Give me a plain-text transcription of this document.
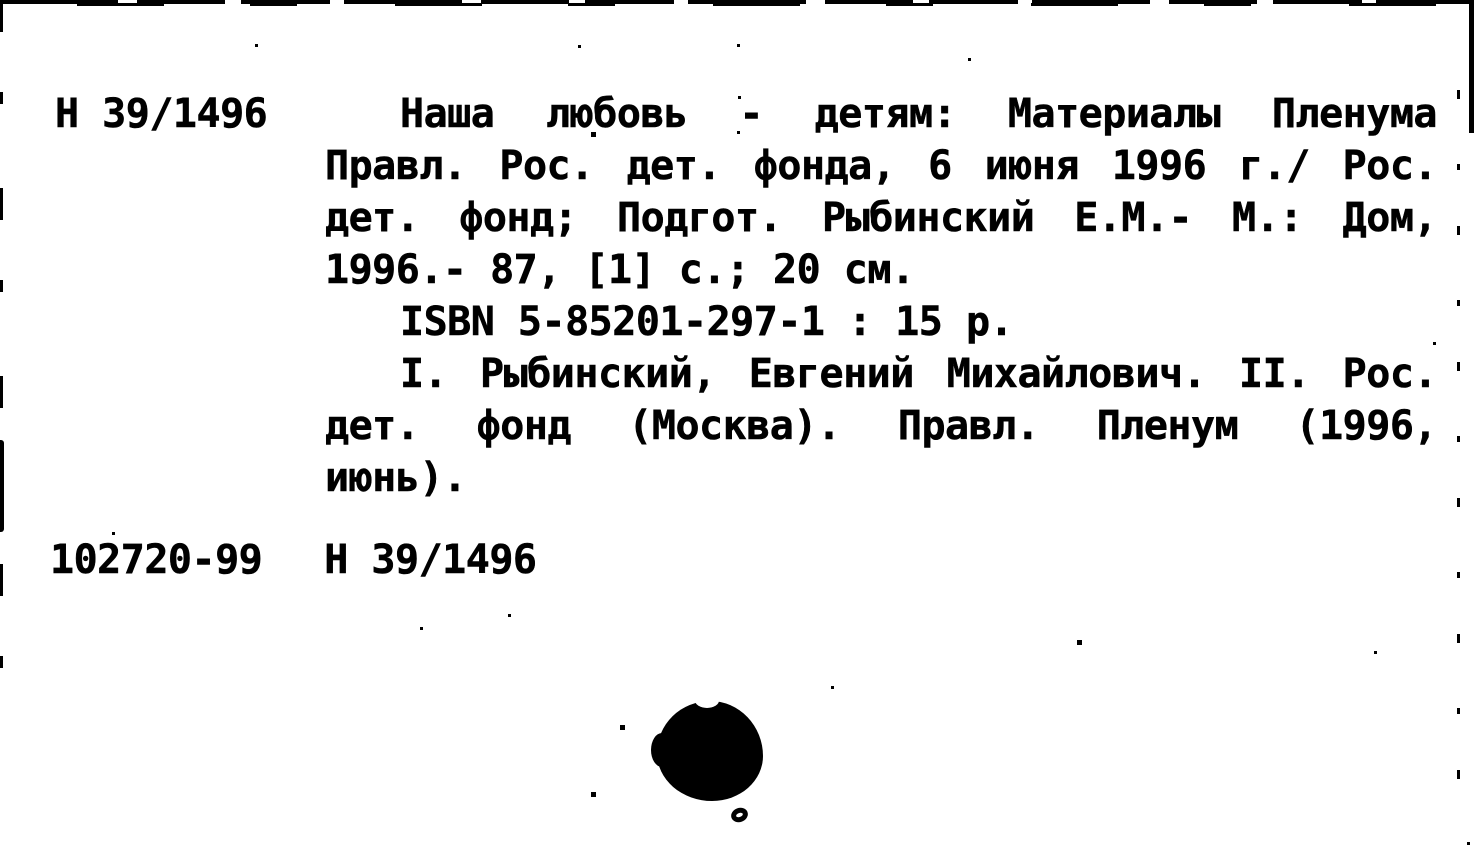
Н 39/1496	Наша любовь - детям: Материалы Пленума
Правл. Рос. дет. фонда, 6 июня 1996 г./ Рос.
дет. фонд; Подгот. Рыбинский Е.М.- М.: Дом,
1996.- 87, [1] с.; 20 см.
ISBN 5-85201-297-1 : 15 р.
I. Рыбинский, Евгений Михайлович. II. Рос.
дет. фонд (Москва). Правл. Пленум (1996,
июнь).
102720-99 Н 39/1496
